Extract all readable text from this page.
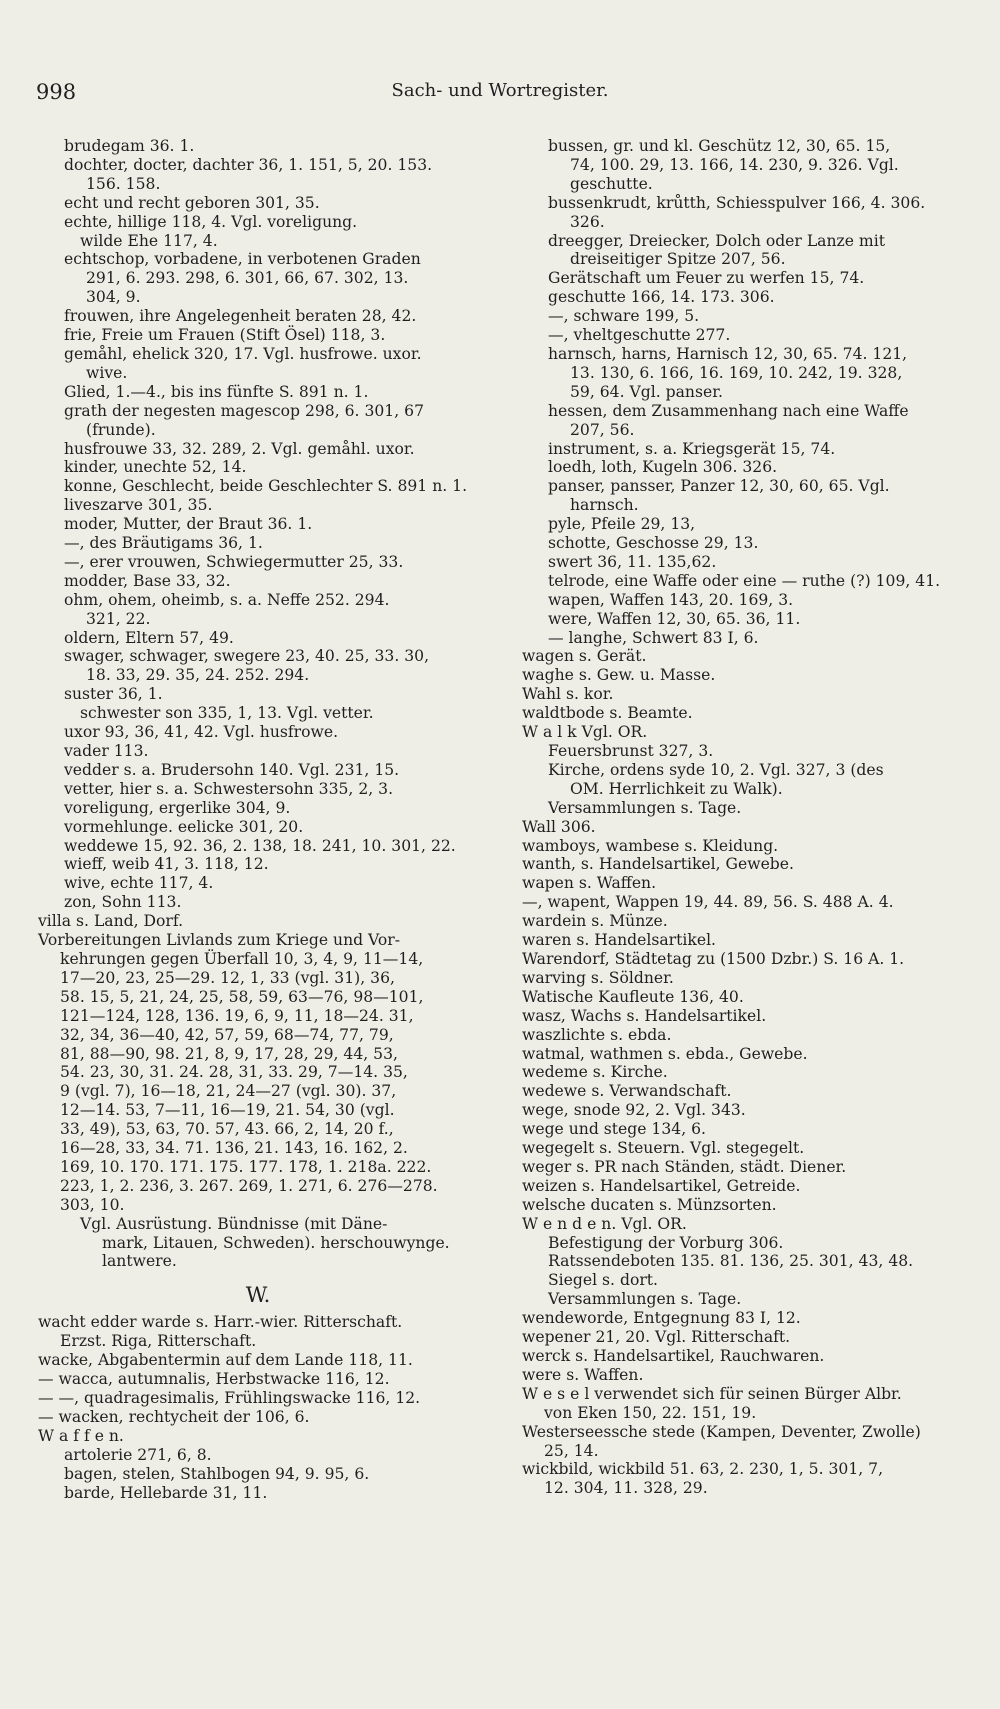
998	Sach- und Wortregister.
brudegam 36. 1.
dochter, docter, dachter 36, 1. 151, 5, 20. 153.
156. 158.
echt und recht geboren 301, 35.
echte, hillige 118, 4. Vgl. voreligung.
wilde Ehe 117, 4.
echtschop, vorbadene, in verbotenen Graden
291, 6. 293. 298, 6. 301, 66, 67. 302, 13.
304, 9.
frouwen, ihre Angelegenheit beraten 28, 42.
frie, Freie um Frauen (Stift Ösel) 118, 3.
gemåhl, ehelick 320, 17. Vgl. husfrowe. uxor.
wive.
Glied, 1.—4., bis ins fünfte S. 891 n. 1.
grath der negesten magescop 298, 6. 301, 67
(frunde).
husfrouwe 33, 32. 289, 2. Vgl. gemåhl. uxor.
kinder, unechte 52, 14.
konne, Geschlecht, beide Geschlechter S. 891 n. 1.
liveszarve 301, 35.
moder, Mutter, der Braut 36. 1.
—, des Bräutigams 36, 1.
—, erer vrouwen, Schwiegermutter 25, 33.
modder, Base 33, 32.
ohm, ohem, oheimb, s. a. Neffe 252. 294.
321, 22.
oldern, Eltern 57, 49.
swager, schwager, swegere 23, 40. 25, 33. 30,
18. 33, 29. 35, 24. 252. 294.
suster 36, 1.
schwester son 335, 1, 13. Vgl. vetter.
uxor 93, 36, 41, 42. Vgl. husfrowe.
vader 113.
vedder s. a. Brudersohn 140. Vgl. 231, 15.
vetter, hier s. a. Schwestersohn 335, 2, 3.
voreligung, ergerlike 304, 9.
vormehlunge. eelicke 301, 20.
weddewe 15, 92. 36, 2. 138, 18. 241, 10. 301, 22.
wieff, weib 41, 3. 118, 12.
wive, echte 117, 4.
zon, Sohn 113.
villa s. Land, Dorf.
Vorbereitungen Livlands zum Kriege und Vor-
kehrungen gegen Überfall 10, 3, 4, 9, 11—14,
17—20, 23, 25—29. 12, 1, 33 (vgl. 31), 36,
58. 15, 5, 21, 24, 25, 58, 59, 63—76, 98—101,
121—124, 128, 136. 19, 6, 9, 11, 18—24. 31,
32, 34, 36—40, 42, 57, 59, 68—74, 77, 79,
81, 88—90, 98. 21, 8, 9, 17, 28, 29, 44, 53,
54. 23, 30, 31. 24. 28, 31, 33. 29, 7—14. 35,
9 (vgl. 7), 16—18, 21, 24—27 (vgl. 30). 37,
12—14. 53, 7—11, 16—19, 21. 54, 30 (vgl.
33, 49), 53, 63, 70. 57, 43. 66, 2, 14, 20 f.,
16—28, 33, 34. 71. 136, 21. 143, 16. 162, 2.
169, 10. 170. 171. 175. 177. 178, 1. 218a. 222.
223, 1, 2. 236, 3. 267. 269, 1. 271, 6. 276—278.
303, 10.
Vgl. Ausrüstung. Bündnisse (mit Däne-
mark, Litauen, Schweden). herschouwynge.
lantwere.
W.
wacht edder warde s. Harr.-wier. Ritterschaft.
Erzst. Riga, Ritterschaft.
wacke, Abgabentermin auf dem Lande 118, 11.
— wacca, autumnalis, Herbstwacke 116, 12.
— —, quadragesimalis, Frühlingswacke 116, 12.
— wacken, rechtycheit der 106, 6.
W a f f e n.
artolerie 271, 6, 8.
bagen, stelen, Stahlbogen 94, 9. 95, 6.
barde, Hellebarde 31, 11.
bussen, gr. und kl. Geschütz 12, 30, 65. 15,
74, 100. 29, 13. 166, 14. 230, 9. 326. Vgl.
geschutte.
bussenkrudt, krůtth, Schiesspulver 166, 4. 306.
326.
dreegger, Dreiecker, Dolch oder Lanze mit
dreiseitiger Spitze 207, 56.
Gerätschaft um Feuer zu werfen 15, 74.
geschutte 166, 14. 173. 306.
—, schware 199, 5.
—, vheltgeschutte 277.
harnsch, harns, Harnisch 12, 30, 65. 74. 121,
13. 130, 6. 166, 16. 169, 10. 242, 19. 328,
59, 64. Vgl. panser.
hessen, dem Zusammenhang nach eine Waffe
207, 56.
instrument, s. a. Kriegsgerät 15, 74.
loedh, loth, Kugeln 306. 326.
panser, pansser, Panzer 12, 30, 60, 65. Vgl.
harnsch.
pyle, Pfeile 29, 13,
schotte, Geschosse 29, 13.
swert 36, 11. 135,62.
telrode, eine Waffe oder eine — ruthe (?) 109, 41.
wapen, Waffen 143, 20. 169, 3.
were, Waffen 12, 30, 65. 36, 11.
— langhe, Schwert 83 I, 6.
wagen s. Gerät.
waghe s. Gew. u. Masse.
Wahl s. kor.
waldtbode s. Beamte.
W a l k Vgl. OR.
Feuersbrunst 327, 3.
Kirche, ordens syde 10, 2. Vgl. 327, 3 (des
OM. Herrlichkeit zu Walk).
Versammlungen s. Tage.
Wall 306.
wamboys, wambese s. Kleidung.
wanth, s. Handelsartikel, Gewebe.
wapen s. Waffen.
—, wapent, Wappen 19, 44. 89, 56. S. 488 A. 4.
wardein s. Münze.
waren s. Handelsartikel.
Warendorf, Städtetag zu (1500 Dzbr.) S. 16 A. 1.
warving s. Söldner.
Watische Kaufleute 136, 40.
wasz, Wachs s. Handelsartikel.
waszlichte s. ebda.
watmal, wathmen s. ebda., Gewebe.
wedeme s. Kirche.
wedewe s. Verwandschaft.
wege, snode 92, 2. Vgl. 343.
wege und stege 134, 6.
wegegelt s. Steuern. Vgl. stegegelt.
weger s. PR nach Ständen, städt. Diener.
weizen s. Handelsartikel, Getreide.
welsche ducaten s. Münzsorten.
W e n d e n. Vgl. OR.
Befestigung der Vorburg 306.
Ratssendeboten 135. 81. 136, 25. 301, 43, 48.
Siegel s. dort.
Versammlungen s. Tage.
wendeworde, Entgegnung 83 I, 12.
wepener 21, 20. Vgl. Ritterschaft.
werck s. Handelsartikel, Rauchwaren.
were s. Waffen.
W e s e l verwendet sich für seinen Bürger Albr.
von Eken 150, 22. 151, 19.
Westerseessche stede (Kampen, Deventer, Zwolle)
25, 14.
wickbild, wickbild 51. 63, 2. 230, 1, 5. 301, 7,
12. 304, 11. 328, 29.
